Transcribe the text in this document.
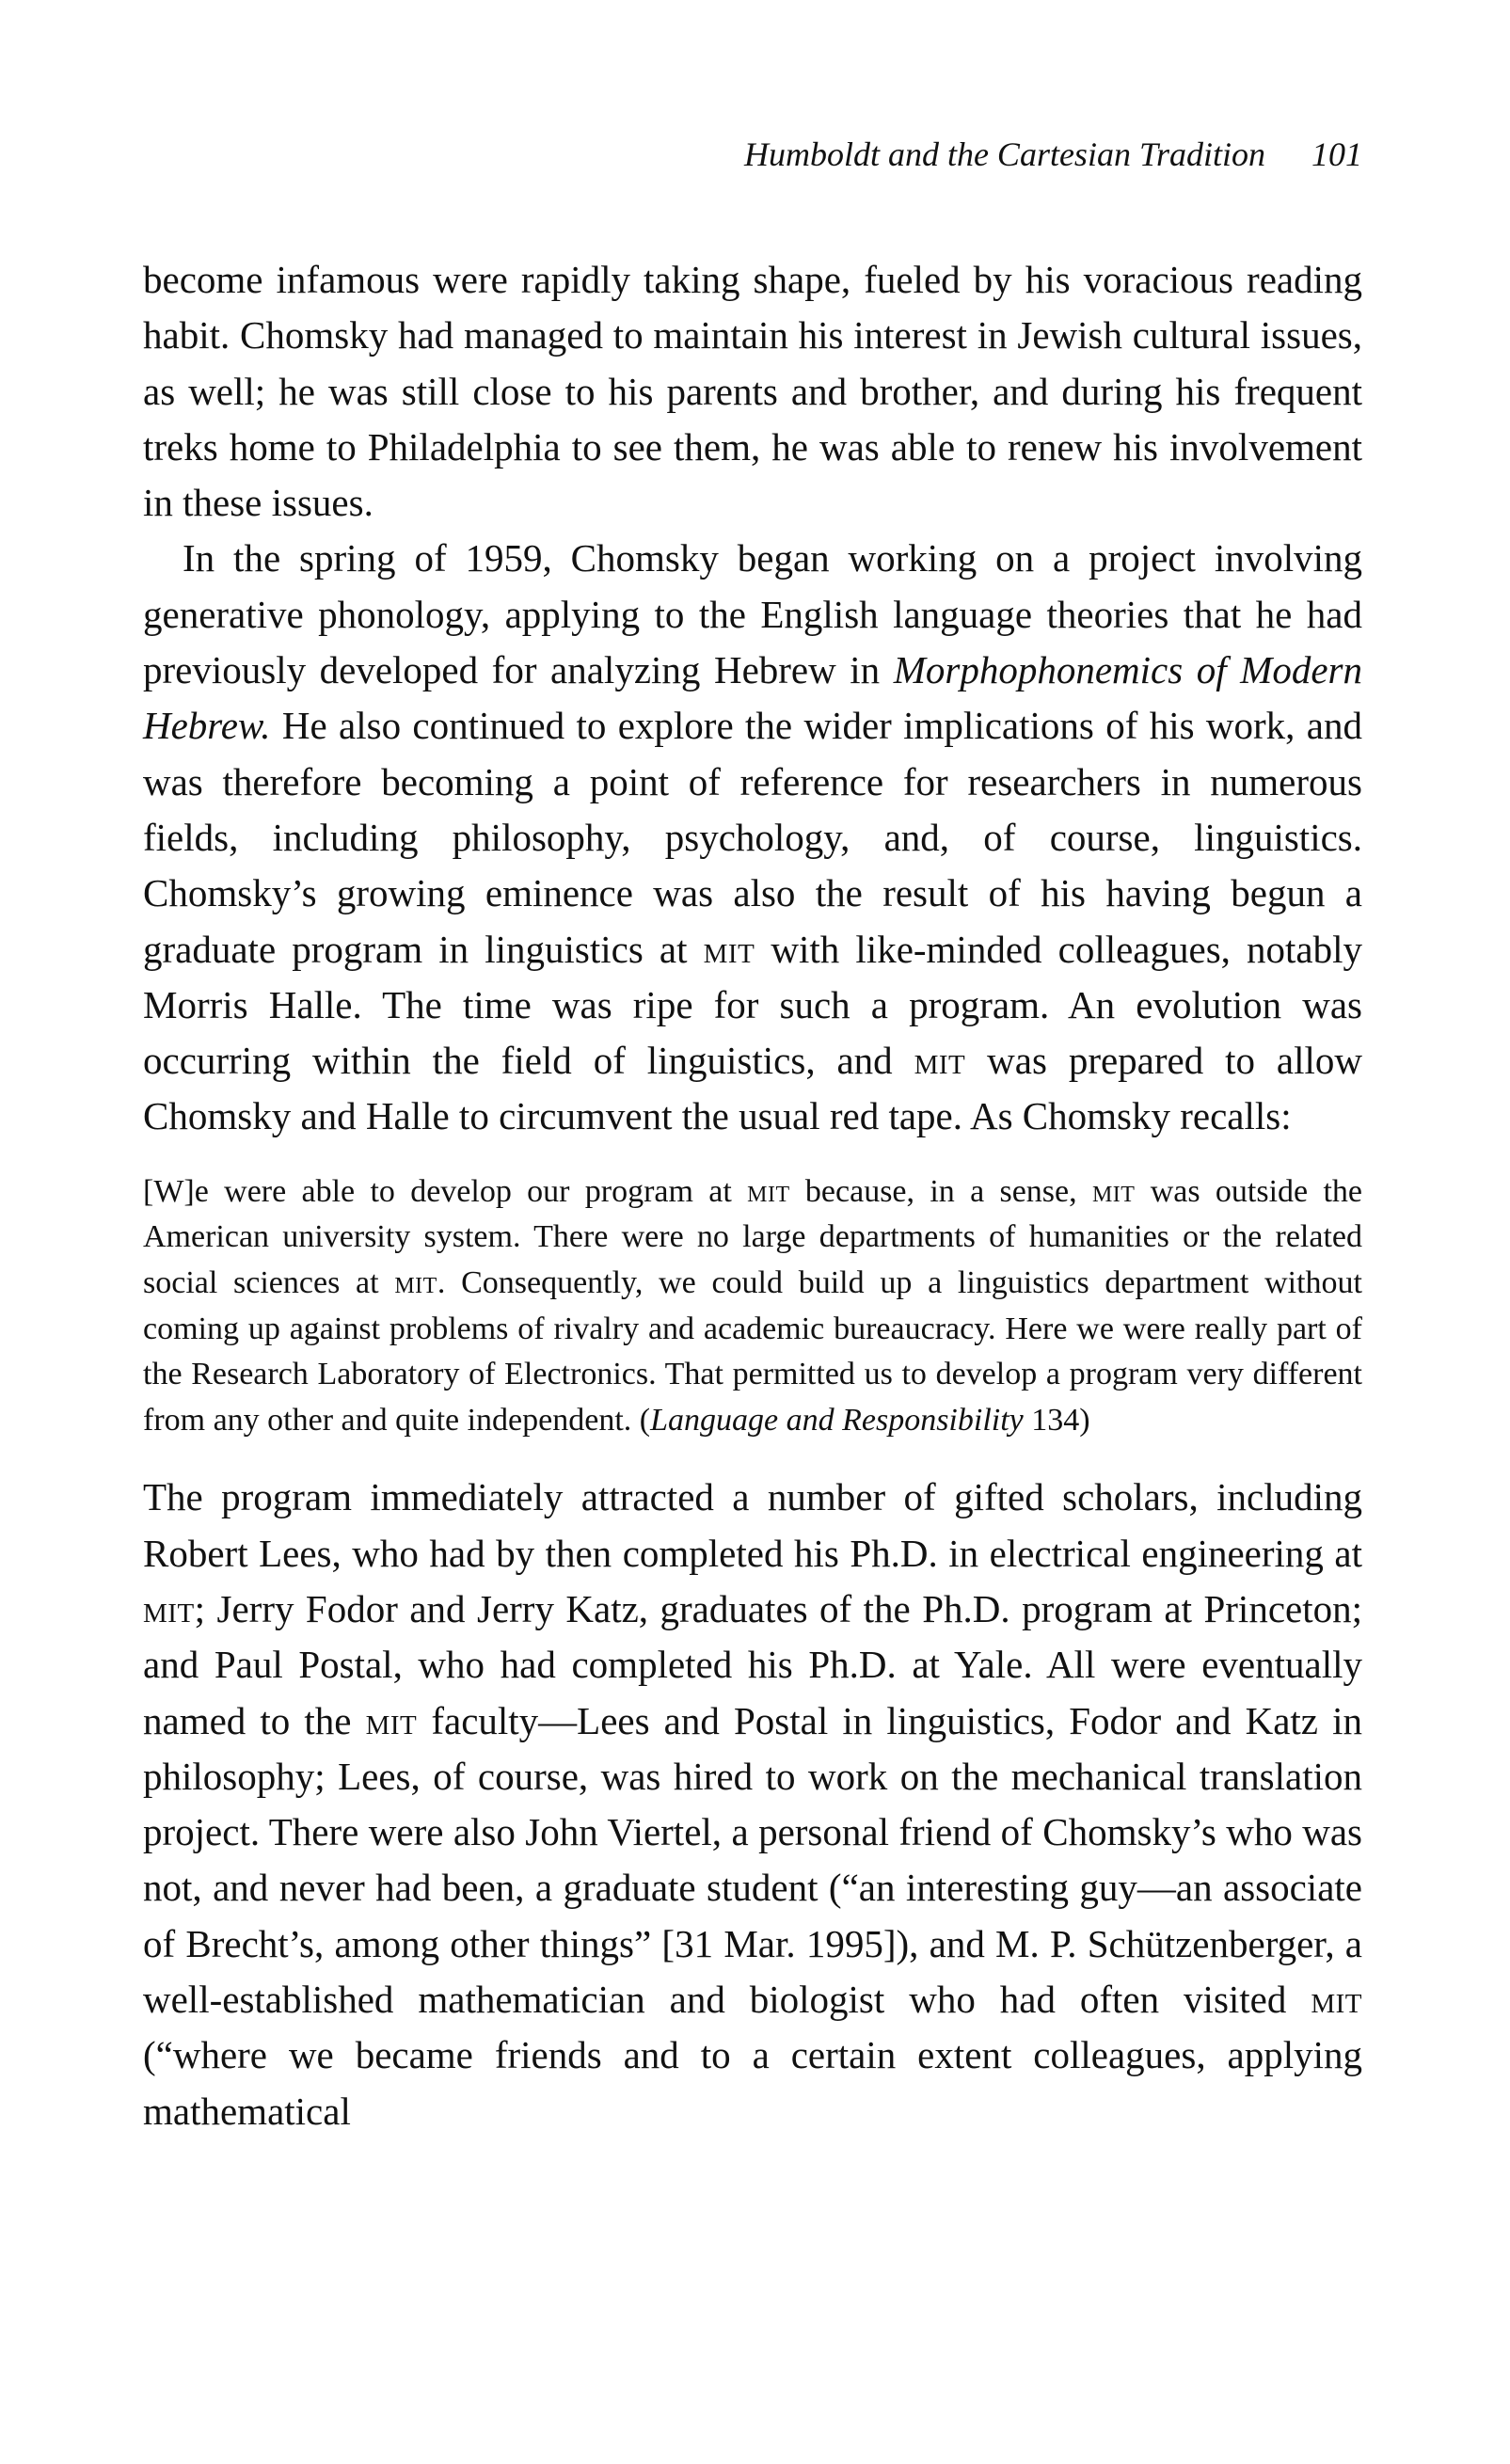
Humboldt and the Cartesian Tradition 101

become infamous were rapidly taking shape, fueled by his voracious reading habit. Chomsky had managed to maintain his interest in Jewish cultural issues, as well; he was still close to his parents and brother, and during his frequent treks home to Philadelphia to see them, he was able to renew his involvement in these issues.

In the spring of 1959, Chomsky began working on a project involving generative phonology, applying to the English language theories that he had previously developed for analyzing Hebrew in Morphophonemics of Modern Hebrew. He also continued to explore the wider implications of his work, and was therefore becoming a point of reference for researchers in numerous fields, including philosophy, psychology, and, of course, linguistics. Chomsky’s growing eminence was also the result of his having begun a graduate program in linguistics at mit with like-minded colleagues, notably Morris Halle. The time was ripe for such a program. An evolution was occurring within the field of linguistics, and mit was prepared to allow Chomsky and Halle to circumvent the usual red tape. As Chomsky recalls:

[W]e were able to develop our program at mit because, in a sense, mit was outside the American university system. There were no large departments of humanities or the related social sciences at mit. Consequently, we could build up a linguistics department without coming up against problems of rivalry and academic bureaucracy. Here we were really part of the Research Laboratory of Electronics. That permitted us to develop a program very different from any other and quite independent. (Language and Responsibility 134)

The program immediately attracted a number of gifted scholars, including Robert Lees, who had by then completed his Ph.D. in electrical engineering at mit; Jerry Fodor and Jerry Katz, graduates of the Ph.D. program at Princeton; and Paul Postal, who had completed his Ph.D. at Yale. All were eventually named to the mit faculty—Lees and Postal in linguistics, Fodor and Katz in philosophy; Lees, of course, was hired to work on the mechanical translation project. There were also John Viertel, a personal friend of Chomsky’s who was not, and never had been, a graduate student (“an interesting guy—an associate of Brecht’s, among other things” [31 Mar. 1995]), and M. P. Schützenberger, a well-established mathematician and biologist who had often visited mit (“where we became friends and to a certain extent colleagues, applying mathematical
